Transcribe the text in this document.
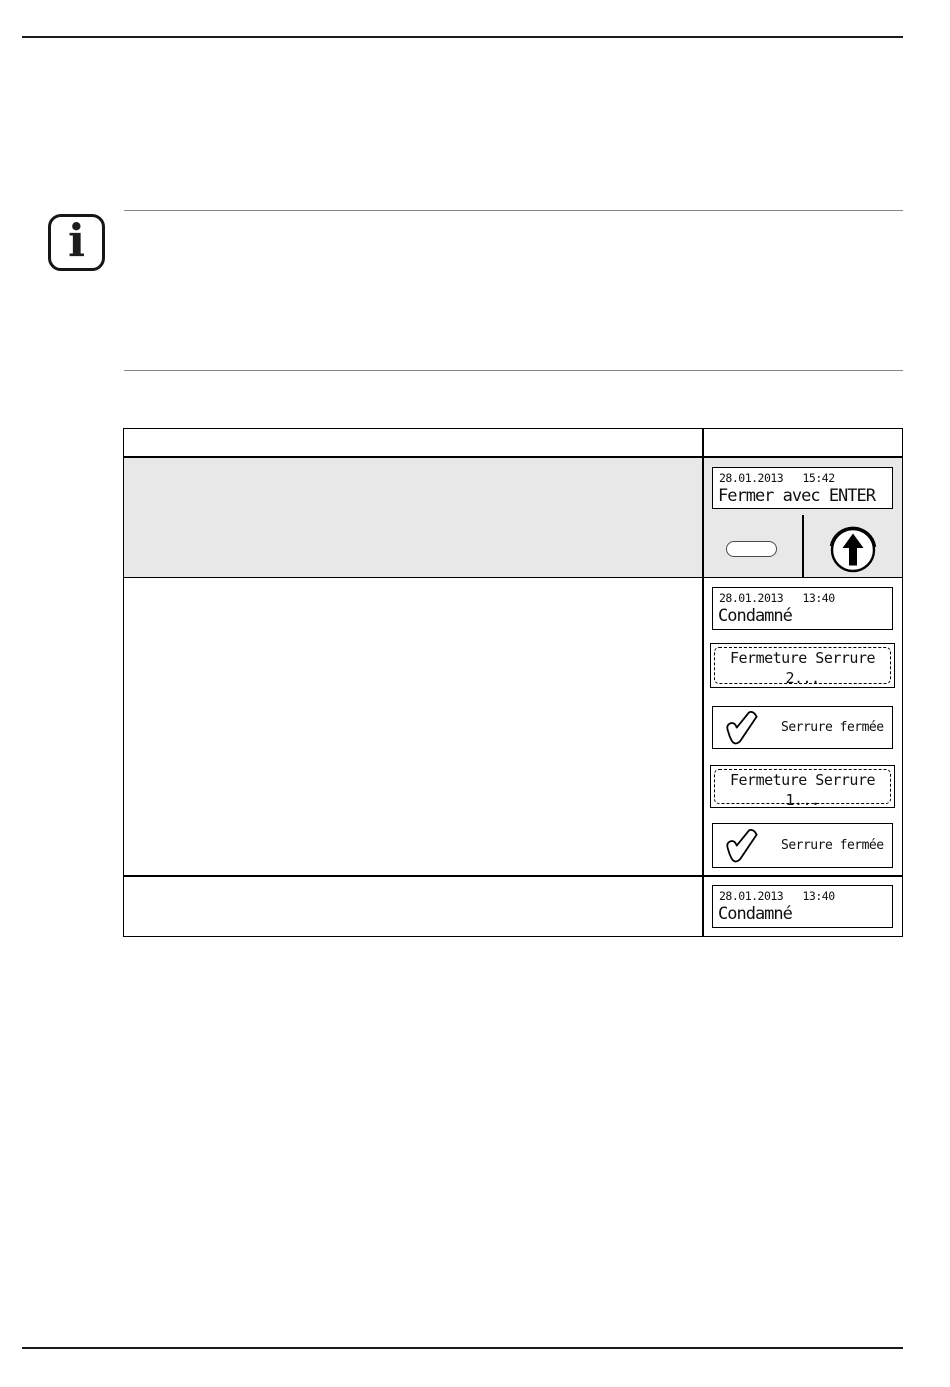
i
28.01.2013   15:42
Fermer avec ENTER
28.01.2013   13:40
Condamné
Fermeture Serrure
2...
Serrure fermée
Fermeture Serrure
1...
Serrure fermée
28.01.2013   13:40
Condamné
